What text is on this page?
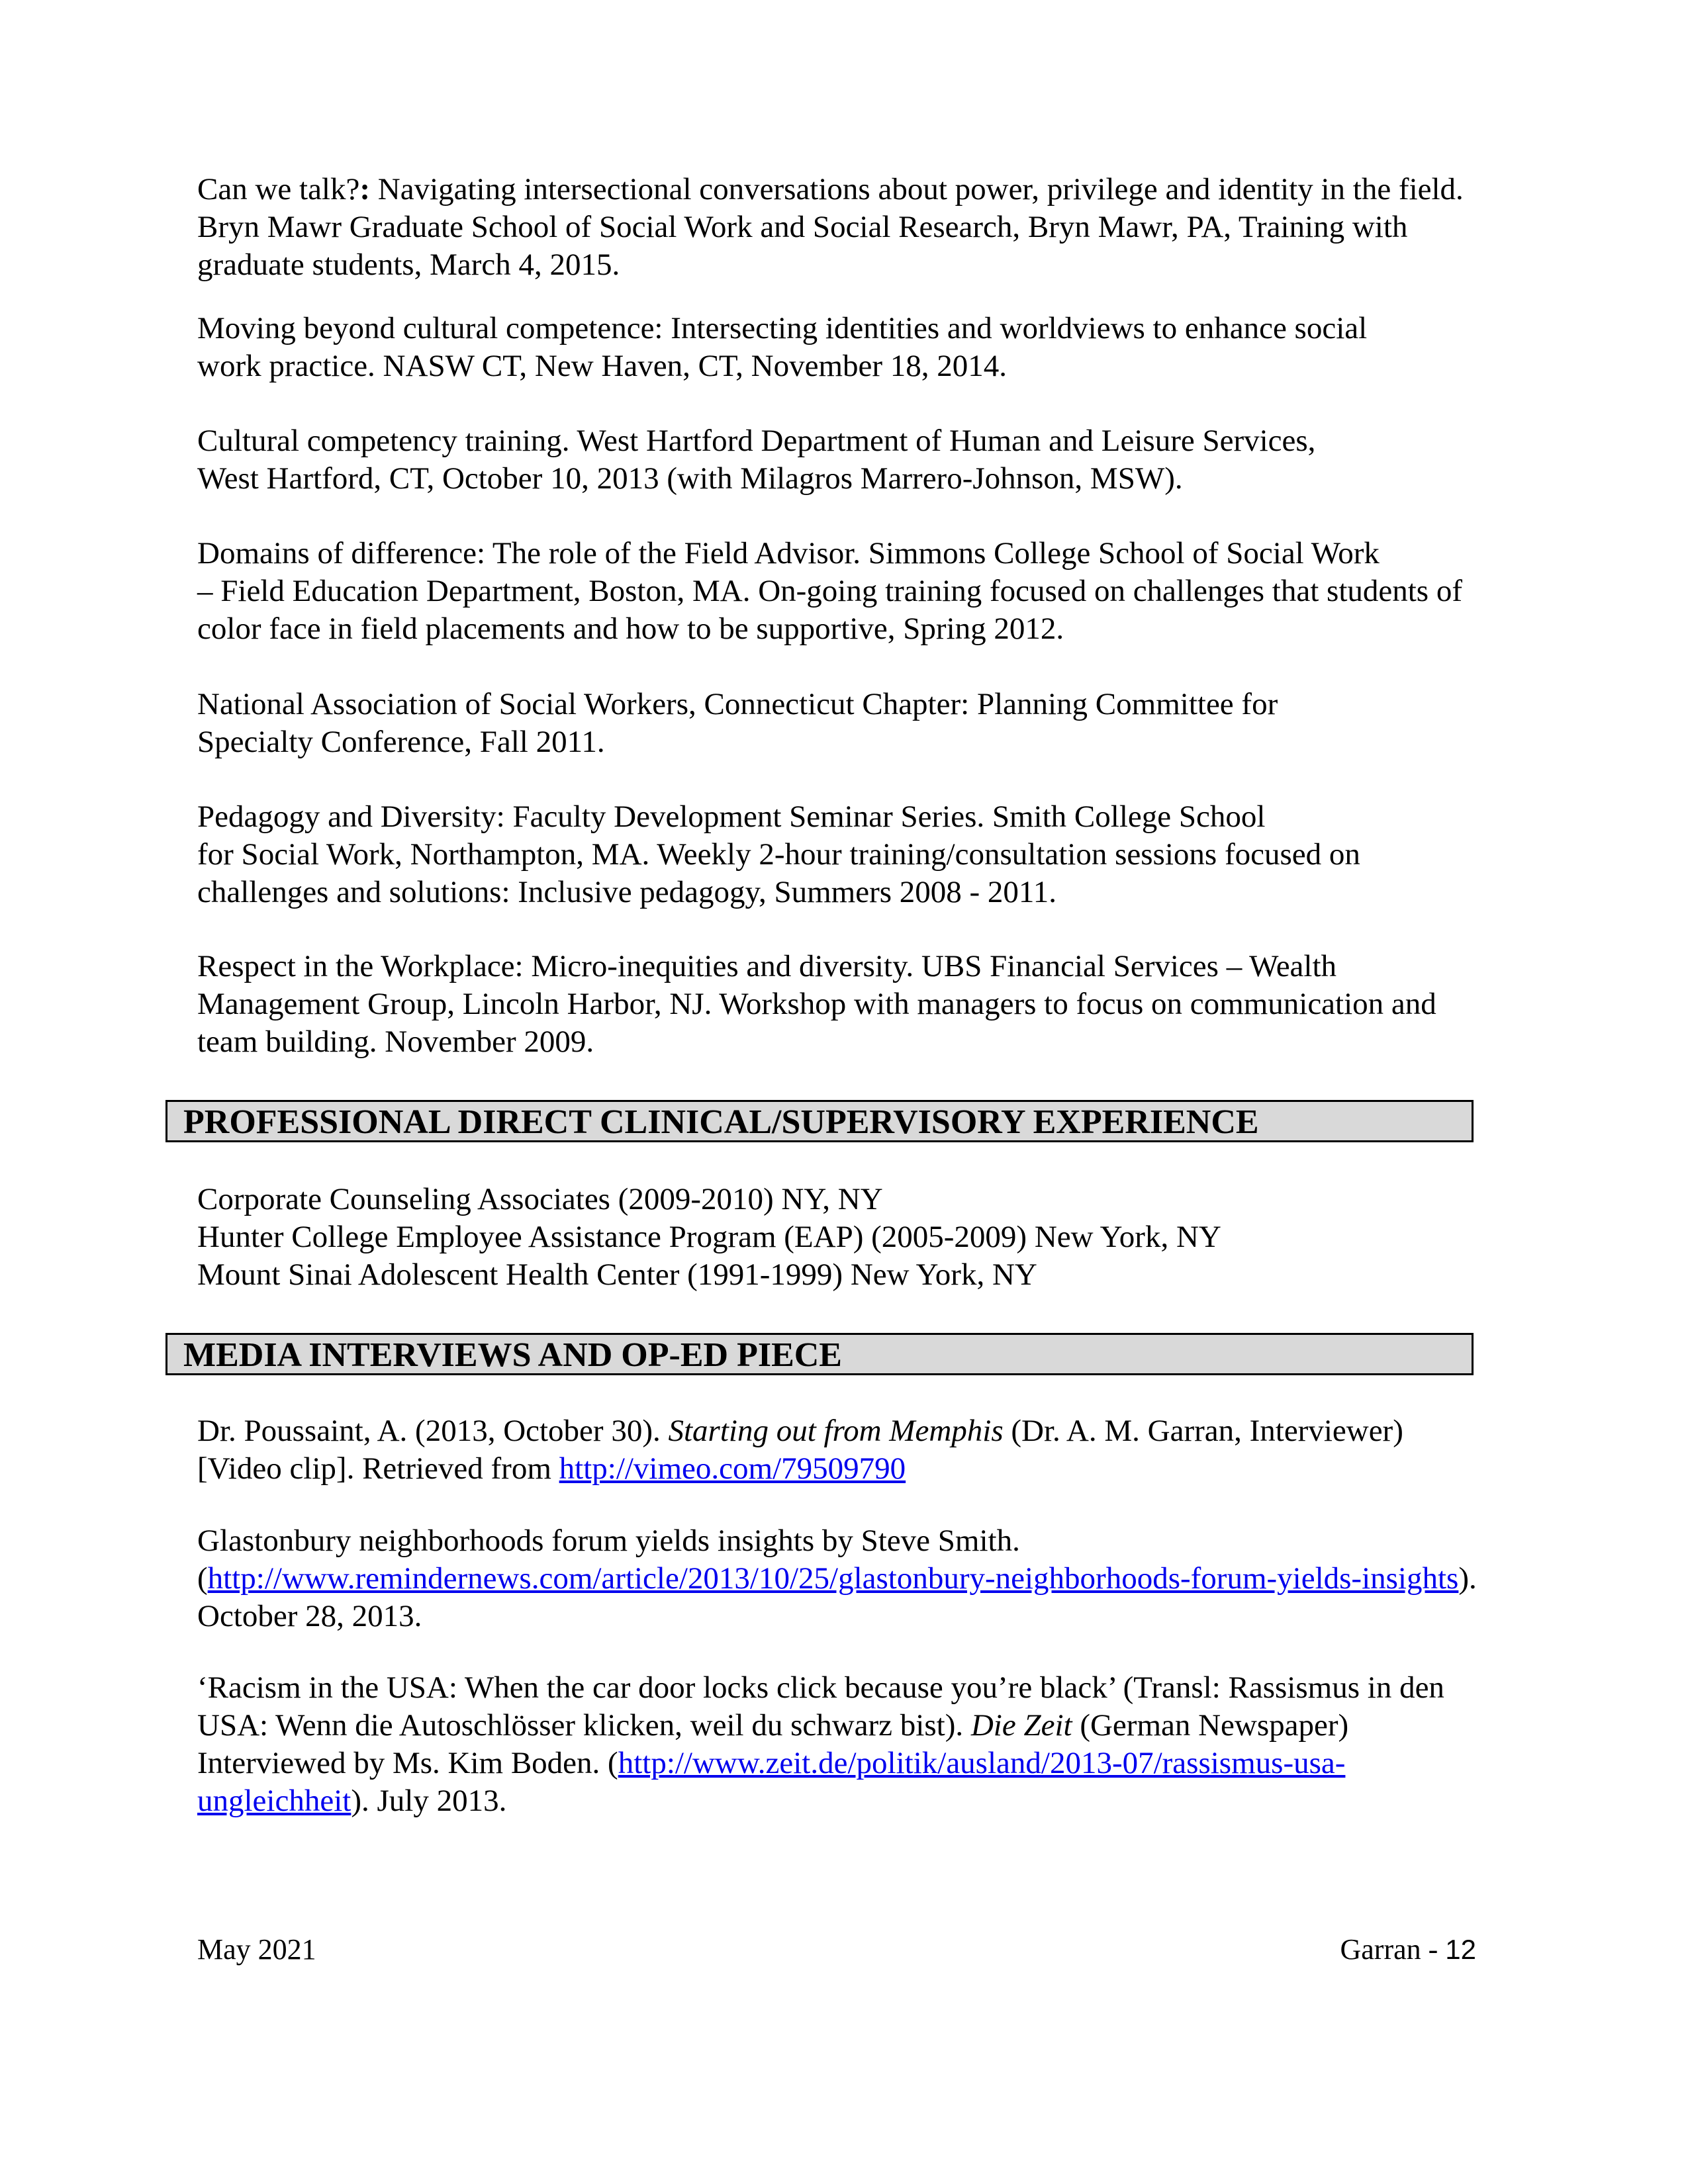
Can we talk?: Navigating intersectional conversations about power, privilege and identity in the field.
Bryn Mawr Graduate School of Social Work and Social Research, Bryn Mawr, PA, Training with
graduate students, March 4, 2015.
Moving beyond cultural competence: Intersecting identities and worldviews to enhance social
work practice. NASW CT, New Haven, CT, November 18, 2014.
Cultural competency training. West Hartford Department of Human and Leisure Services,
West Hartford, CT, October 10, 2013 (with Milagros Marrero-Johnson, MSW).
Domains of difference: The role of the Field Advisor. Simmons College School of Social Work
– Field Education Department, Boston, MA. On-going training focused on challenges that students of
color face in field placements and how to be supportive, Spring 2012.
National Association of Social Workers, Connecticut Chapter: Planning Committee for
Specialty Conference, Fall 2011.
Pedagogy and Diversity: Faculty Development Seminar Series. Smith College School
for Social Work, Northampton, MA. Weekly 2-hour training/consultation sessions focused on
challenges and solutions: Inclusive pedagogy, Summers 2008 - 2011.
Respect in the Workplace: Micro-inequities and diversity. UBS Financial Services – Wealth
Management Group, Lincoln Harbor, NJ. Workshop with managers to focus on communication and
team building. November 2009.
PROFESSIONAL DIRECT CLINICAL/SUPERVISORY EXPERIENCE
Corporate Counseling Associates (2009-2010) NY, NY
Hunter College Employee Assistance Program (EAP) (2005-2009) New York, NY
Mount Sinai Adolescent Health Center (1991-1999) New York, NY
MEDIA INTERVIEWS AND OP-ED PIECE
Dr. Poussaint, A. (2013, October 30). Starting out from Memphis (Dr. A. M. Garran, Interviewer)
[Video clip]. Retrieved from http://vimeo.com/79509790
Glastonbury neighborhoods forum yields insights by Steve Smith.
(http://www.remindernews.com/article/2013/10/25/glastonbury-neighborhoods-forum-yields-insights).
October 28, 2013.
‘Racism in the USA: When the car door locks click because you’re black’ (Transl: Rassismus in den
USA: Wenn die Autoschlösser klicken, weil du schwarz bist). Die Zeit (German Newspaper)
Interviewed by Ms. Kim Boden. (http://www.zeit.de/politik/ausland/2013-07/rassismus-usa-
ungleichheit). July 2013.
May 2021	Garran - 12
